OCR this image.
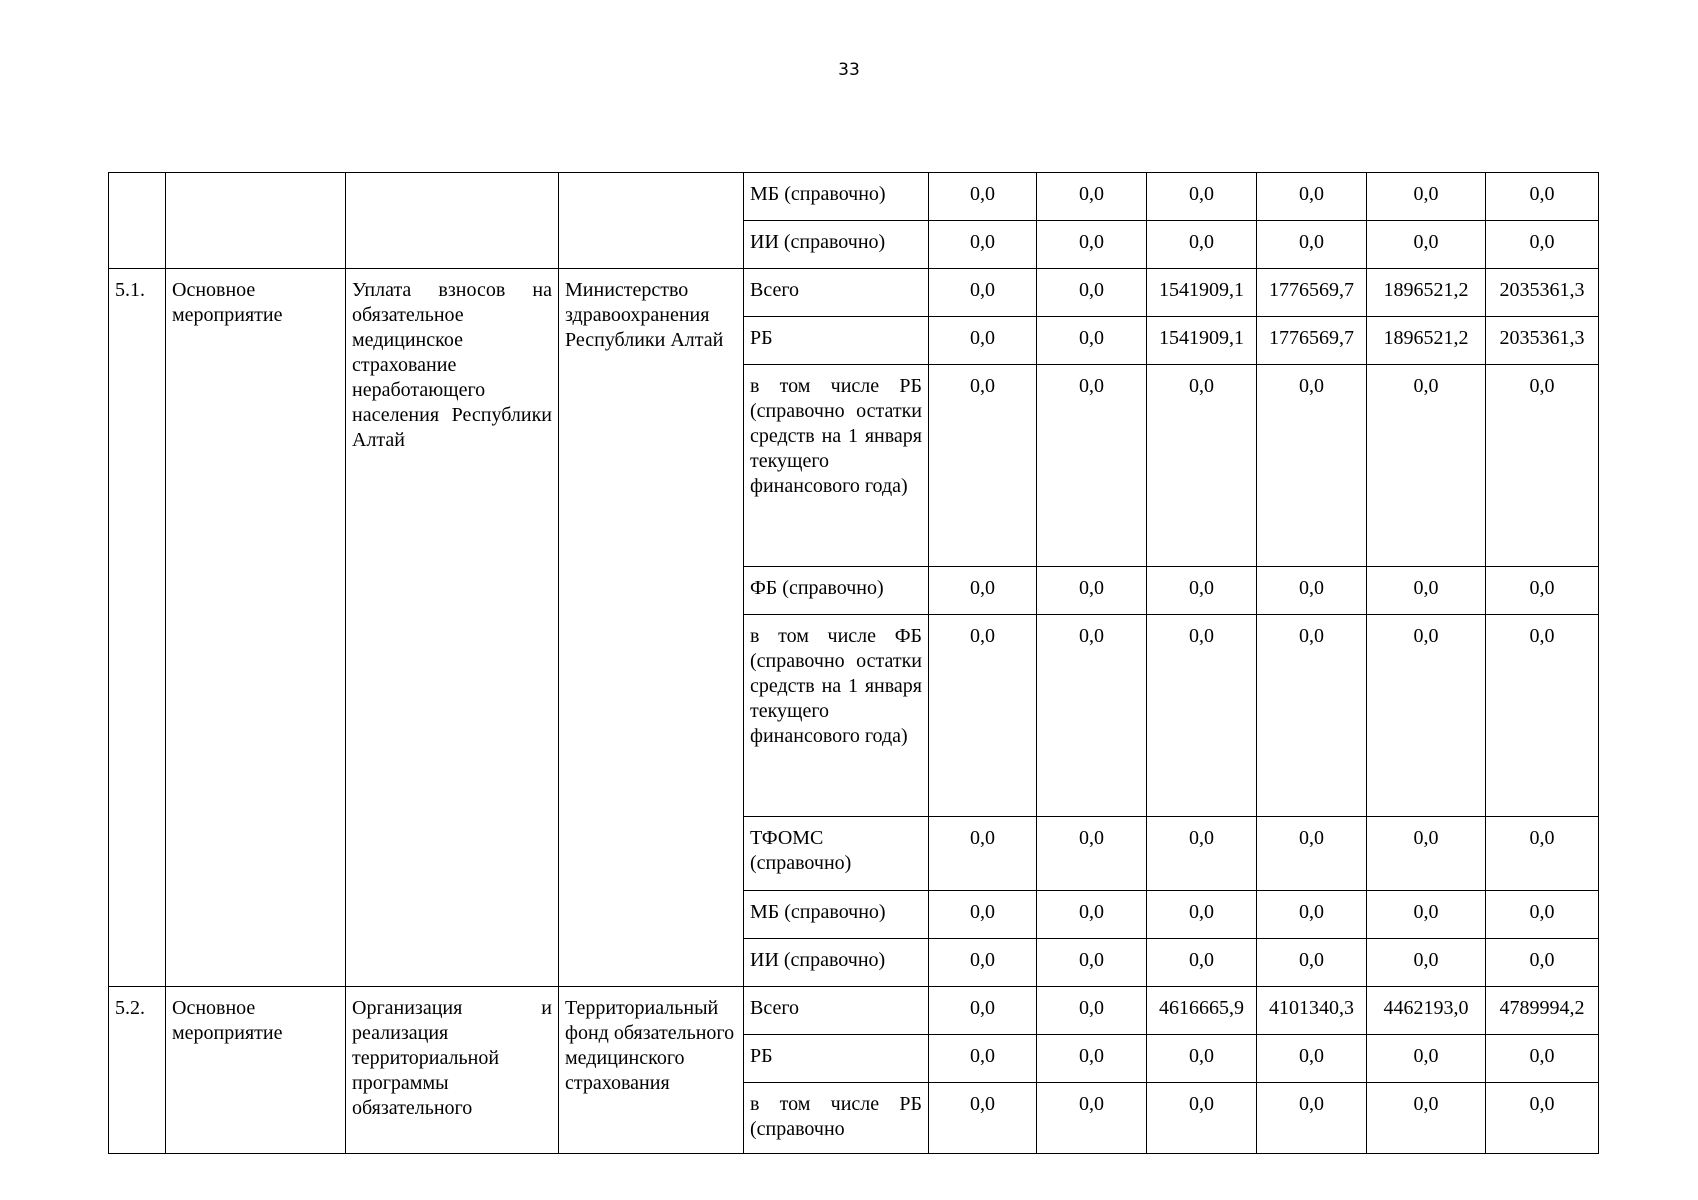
33
				МБ (справочно)	0,0	0,0	0,0	0,0	0,0	0,0
				ИИ (справочно)	0,0	0,0	0,0	0,0	0,0	0,0
5.1.	Основное мероприятие	Уплата взносов на обязательное медицинское страхование неработающего населения Республики Алтай	Министерство здравоохранения Республики Алтай	Всего	0,0	0,0	1541909,1	1776569,7	1896521,2	2035361,3
				РБ	0,0	0,0	1541909,1	1776569,7	1896521,2	2035361,3
				в том числе РБ (справочно остатки средств на 1 января текущего финансового года)	0,0	0,0	0,0	0,0	0,0	0,0
				ФБ (справочно)	0,0	0,0	0,0	0,0	0,0	0,0
				в том числе ФБ (справочно остатки средств на 1 января текущего финансового года)	0,0	0,0	0,0	0,0	0,0	0,0
				ТФОМС (справочно)	0,0	0,0	0,0	0,0	0,0	0,0
				МБ (справочно)	0,0	0,0	0,0	0,0	0,0	0,0
				ИИ (справочно)	0,0	0,0	0,0	0,0	0,0	0,0
5.2.	Основное мероприятие	Организация и реализация территориальной программы обязательного	Территориальный фонд обязательного медицинского страхования	Всего	0,0	0,0	4616665,9	4101340,3	4462193,0	4789994,2
				РБ	0,0	0,0	0,0	0,0	0,0	0,0
				в том числе РБ (справочно	0,0	0,0	0,0	0,0	0,0	0,0
